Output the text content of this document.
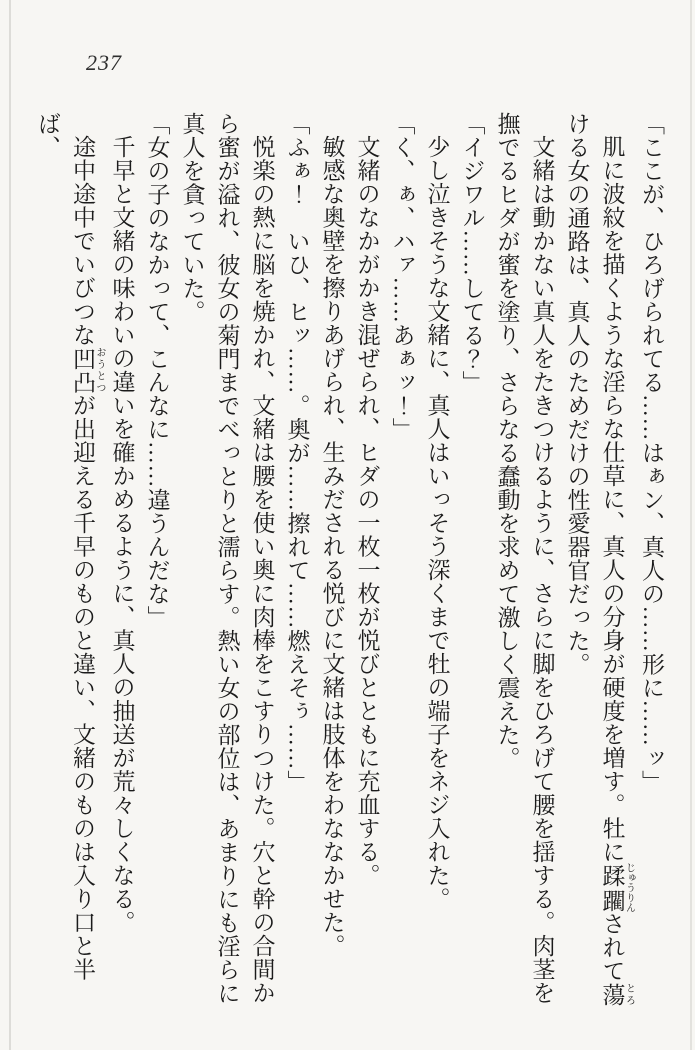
237

「ここが、ひろげられてる……はぁン、真人の……形に……ッ」

肌に波紋を描くような淫らな仕草に、真人の分身が硬度を増す。牡に蹂躙 じゅうりんされて蕩 とろける女の通路は、真人のためだけの性愛器官だった。

文緒は動かない真人をたきつけるように、さらに脚をひろげて腰を揺する。肉茎を撫でるヒダが蜜を塗り、さらなる蠢動を求めて激しく震えた。

「イジワル……してる？」

少し泣きそうな文緒に、真人はいっそう深くまで牡の端子をネジ入れた。

「く、ぁ、ハァ……あぁッ！」

文緒のなかがかき混ぜられ、ヒダの一枚一枚が悦びとともに充血する。

敏感な奥壁を擦りあげられ、生みだされる悦びに文緒は肢体をわななかせた。

「ふぁ！　いひ、ヒッ……。奥が……擦れて……燃えそぅ……」

悦楽の熱に脳を焼かれ、文緒は腰を使い奥に肉棒をこすりつけた。穴と幹の合間から蜜が溢れ、彼女の菊門までべっとりと濡らす。熱い女の部位は、あまりにも淫らに真人を貪っていた。

「女の子のなかって、こんなに……違うんだな」

千早と文緒の味わいの違いを確かめるように、真人の抽送が荒々しくなる。

途中途中でいびつな凹凸 おうとつが出迎える千早のものと違い、文緒のものは入り口と半ば、
